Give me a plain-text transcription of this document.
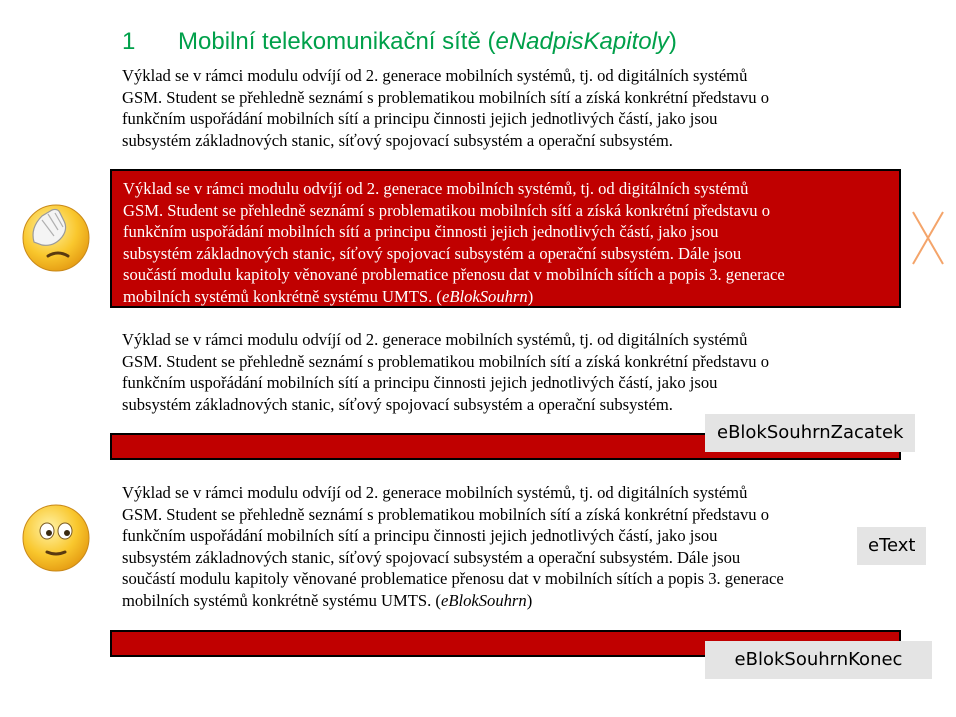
1 Mobilní telekomunikační sítě (eNadpisKapitoly)
Výklad se v rámci modulu odvíjí od 2. generace mobilních systémů, tj. od digitálních systémů
GSM. Student se přehledně seznámí s problematikou mobilních sítí a získá konkrétní představu o
funkčním uspořádání mobilních sítí a principu činnosti jejich jednotlivých částí, jako jsou
subsystém základnových stanic, síťový spojovací subsystém a operační subsystém.
Výklad se v rámci modulu odvíjí od 2. generace mobilních systémů, tj. od digitálních systémů
GSM. Student se přehledně seznámí s problematikou mobilních sítí a získá konkrétní představu o
funkčním uspořádání mobilních sítí a principu činnosti jejich jednotlivých částí, jako jsou
subsystém základnových stanic, síťový spojovací subsystém a operační subsystém. Dále jsou
součástí modulu kapitoly věnované problematice přenosu dat v mobilních sítích a popis 3. generace
mobilních systémů konkrétně systému UMTS. (eBlokSouhrn)
Výklad se v rámci modulu odvíjí od 2. generace mobilních systémů, tj. od digitálních systémů
GSM. Student se přehledně seznámí s problematikou mobilních sítí a získá konkrétní představu o
funkčním uspořádání mobilních sítí a principu činnosti jejich jednotlivých částí, jako jsou
subsystém základnových stanic, síťový spojovací subsystém a operační subsystém.
eBlokSouhrnZacatek
Výklad se v rámci modulu odvíjí od 2. generace mobilních systémů, tj. od digitálních systémů
GSM. Student se přehledně seznámí s problematikou mobilních sítí a získá konkrétní představu o
funkčním uspořádání mobilních sítí a principu činnosti jejich jednotlivých částí, jako jsou
subsystém základnových stanic, síťový spojovací subsystém a operační subsystém. Dále jsou
součástí modulu kapitoly věnované problematice přenosu dat v mobilních sítích a popis 3. generace
mobilních systémů konkrétně systému UMTS. (eBlokSouhrn)
eText
eBlokSouhrnKonec
